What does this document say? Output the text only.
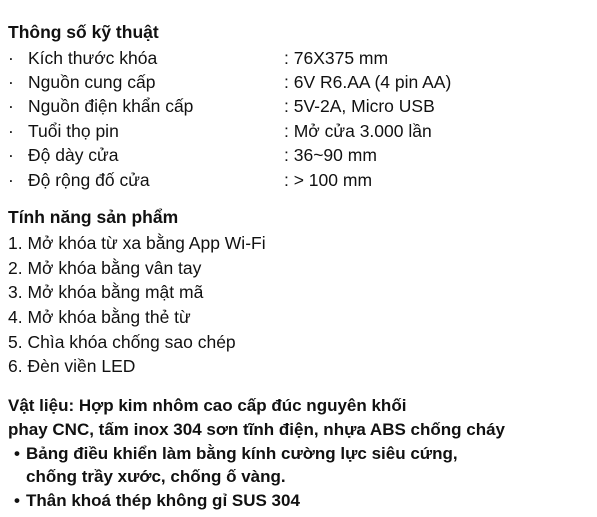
Thông số kỹ thuật
· Kích thước khóa	: 76X375 mm
· Nguồn cung cấp	: 6V R6.AA (4 pin AA)
· Nguồn điện khẩn cấp	: 5V-2A, Micro USB
· Tuổi thọ pin	: Mở cửa 3.000 lần
· Độ dày cửa	: 36~90 mm
· Độ rộng đố cửa	: > 100 mm
Tính năng sản phẩm
1. Mở khóa từ xa bằng App Wi-Fi
2. Mở khóa bằng vân tay
3. Mở khóa bằng mật mã
4. Mở khóa bằng thẻ từ
5. Chìa khóa chống sao chép
6. Đèn viền LED
Vật liệu: Hợp kim nhôm cao cấp đúc nguyên khối
phay CNC, tấm inox 304 sơn tĩnh điện, nhựa ABS chống cháy
• Bảng điều khiển làm bằng kính cường lực siêu cứng,
chống trầy xước, chống ố vàng.
• Thân khoá thép không gỉ SUS 304
